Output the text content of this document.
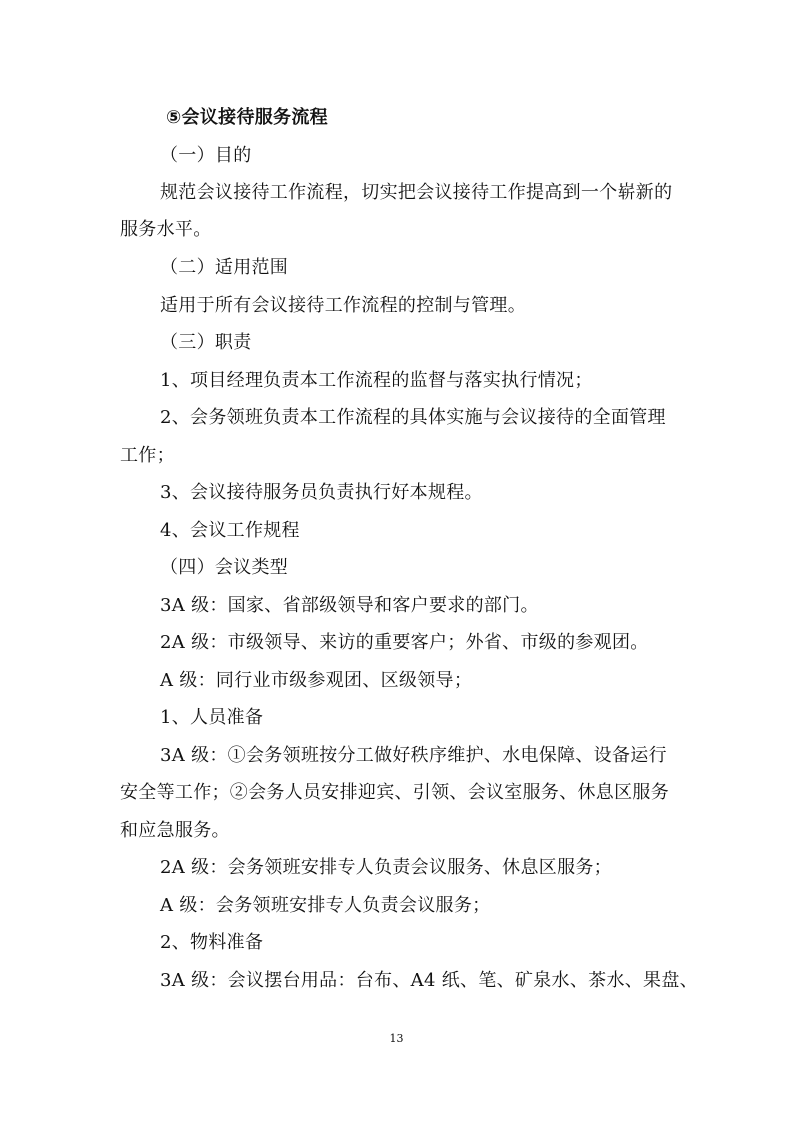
⑤会议接待服务流程
（一）目的
规范会议接待工作流程，切实把会议接待工作提高到一个崭新的
服务水平。
（二）适用范围
适用于所有会议接待工作流程的控制与管理。
（三）职责
1、项目经理负责本工作流程的监督与落实执行情况；
2、会务领班负责本工作流程的具体实施与会议接待的全面管理
工作；
3、会议接待服务员负责执行好本规程。
4、会议工作规程
（四）会议类型
3A 级：国家、省部级领导和客户要求的部门。
2A 级：市级领导、来访的重要客户；外省、市级的参观团。
A 级：同行业市级参观团、区级领导；
1、人员准备
3A 级：①会务领班按分工做好秩序维护、水电保障、设备运行
安全等工作；②会务人员安排迎宾、引领、会议室服务、休息区服务
和应急服务。
2A 级：会务领班安排专人负责会议服务、休息区服务；
A 级：会务领班安排专人负责会议服务；
2、物料准备
3A 级：会议摆台用品：台布、A4 纸、笔、矿泉水、茶水、果盘、
13
